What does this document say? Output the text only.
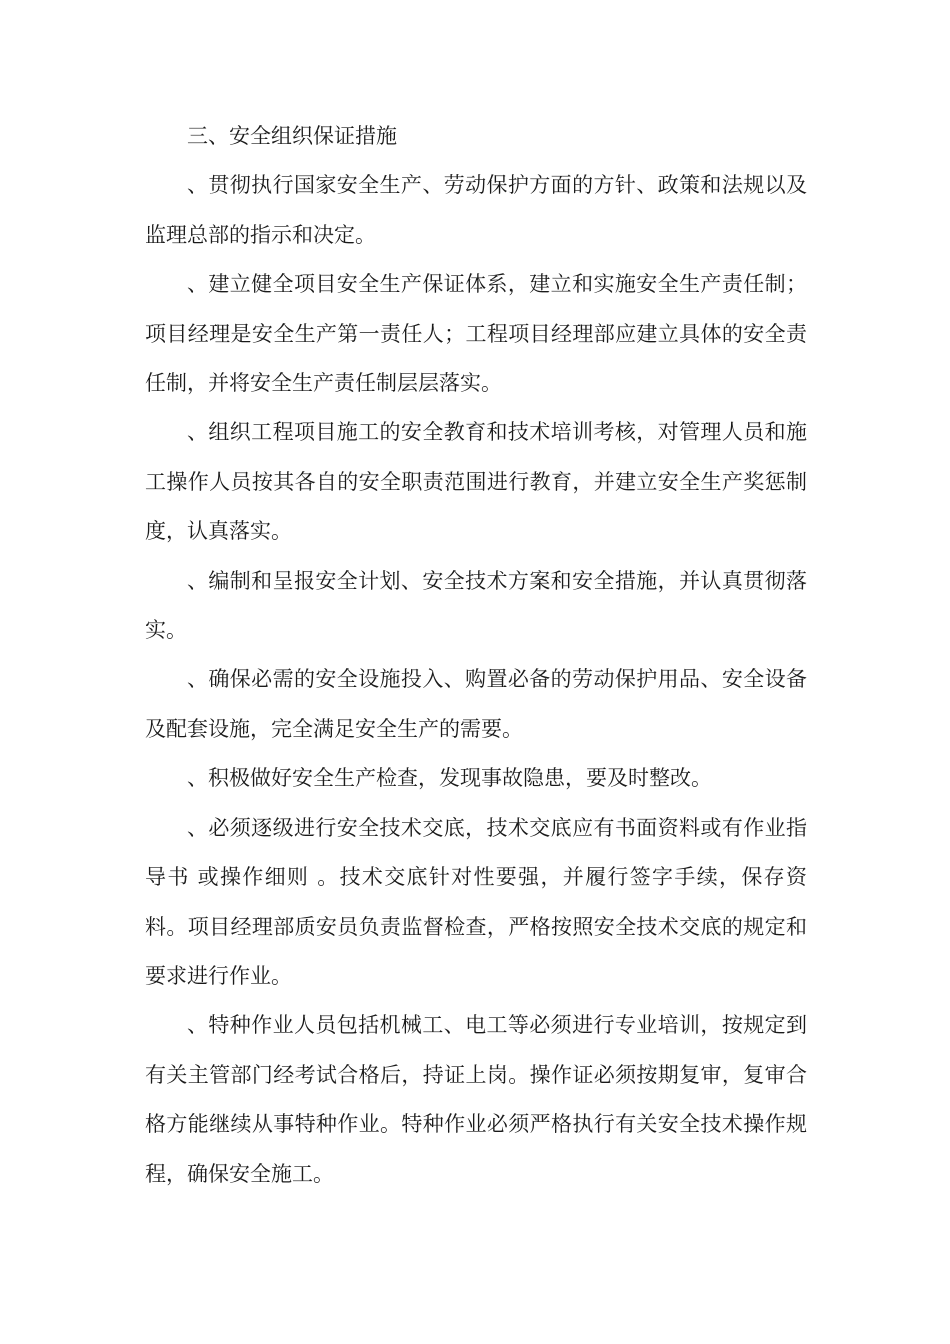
三、安全组织保证措施

、贯彻执行国家安全生产、劳动保护方面的方针、政策和法规以及监理总部的指示和决定。

、建立健全项目安全生产保证体系，建立和实施安全生产责任制；项目经理是安全生产第一责任人；工程项目经理部应建立具体的安全责任制，并将安全生产责任制层层落实。

、组织工程项目施工的安全教育和技术培训考核，对管理人员和施工操作人员按其各自的安全职责范围进行教育，并建立安全生产奖惩制度，认真落实。

、编制和呈报安全计划、安全技术方案和安全措施，并认真贯彻落实。

、确保必需的安全设施投入、购置必备的劳动保护用品、安全设备及配套设施，完全满足安全生产的需要。

、积极做好安全生产检查，发现事故隐患，要及时整改。

、必须逐级进行安全技术交底，技术交底应有书面资料或有作业指导书 或操作细则 。技术交底针对性要强，并履行签字手续，保存资料。项目经理部质安员负责监督检查，严格按照安全技术交底的规定和要求进行作业。

、特种作业人员包括机械工、电工等必须进行专业培训，按规定到有关主管部门经考试合格后，持证上岗。操作证必须按期复审，复审合格方能继续从事特种作业。特种作业必须严格执行有关安全技术操作规程，确保安全施工。
